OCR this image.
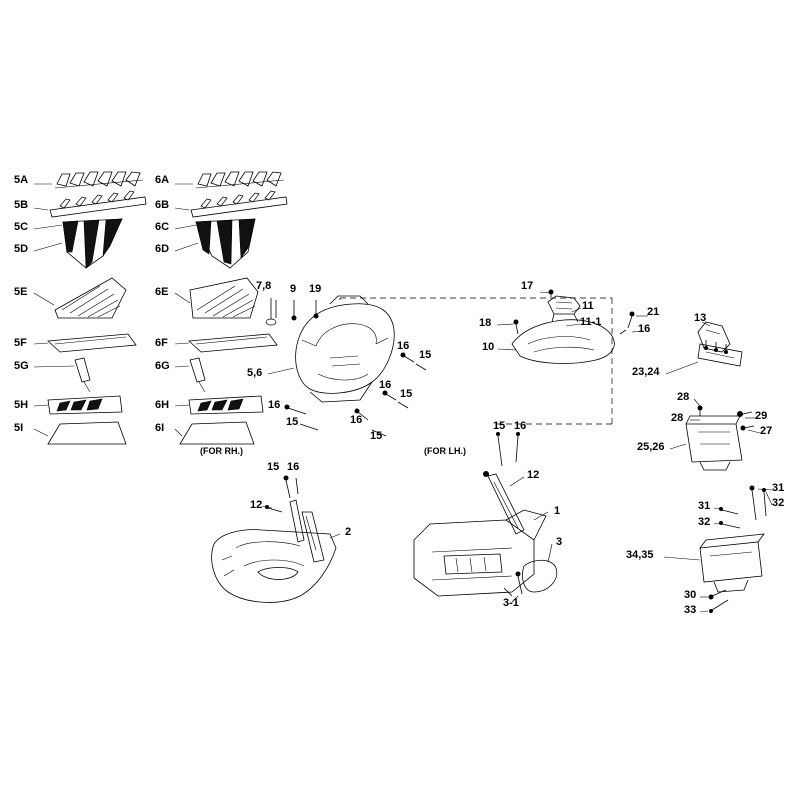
5A
5B
5C
5D
5E
5F
5G
5H
5I
6A
6B
6C
6D
6E
6F
6G
6H
6I
7,8 9 19
5,6
16
15
16
15
16
15	16
15
17
11
11-1
21
16
18
10
13
23,24
28
28	29
27
25,26
15 16
12
1
3
3-1
15 16
12
2
31
32
31
32
34,35
30
33
(FOR RH.)	(FOR LH.)
